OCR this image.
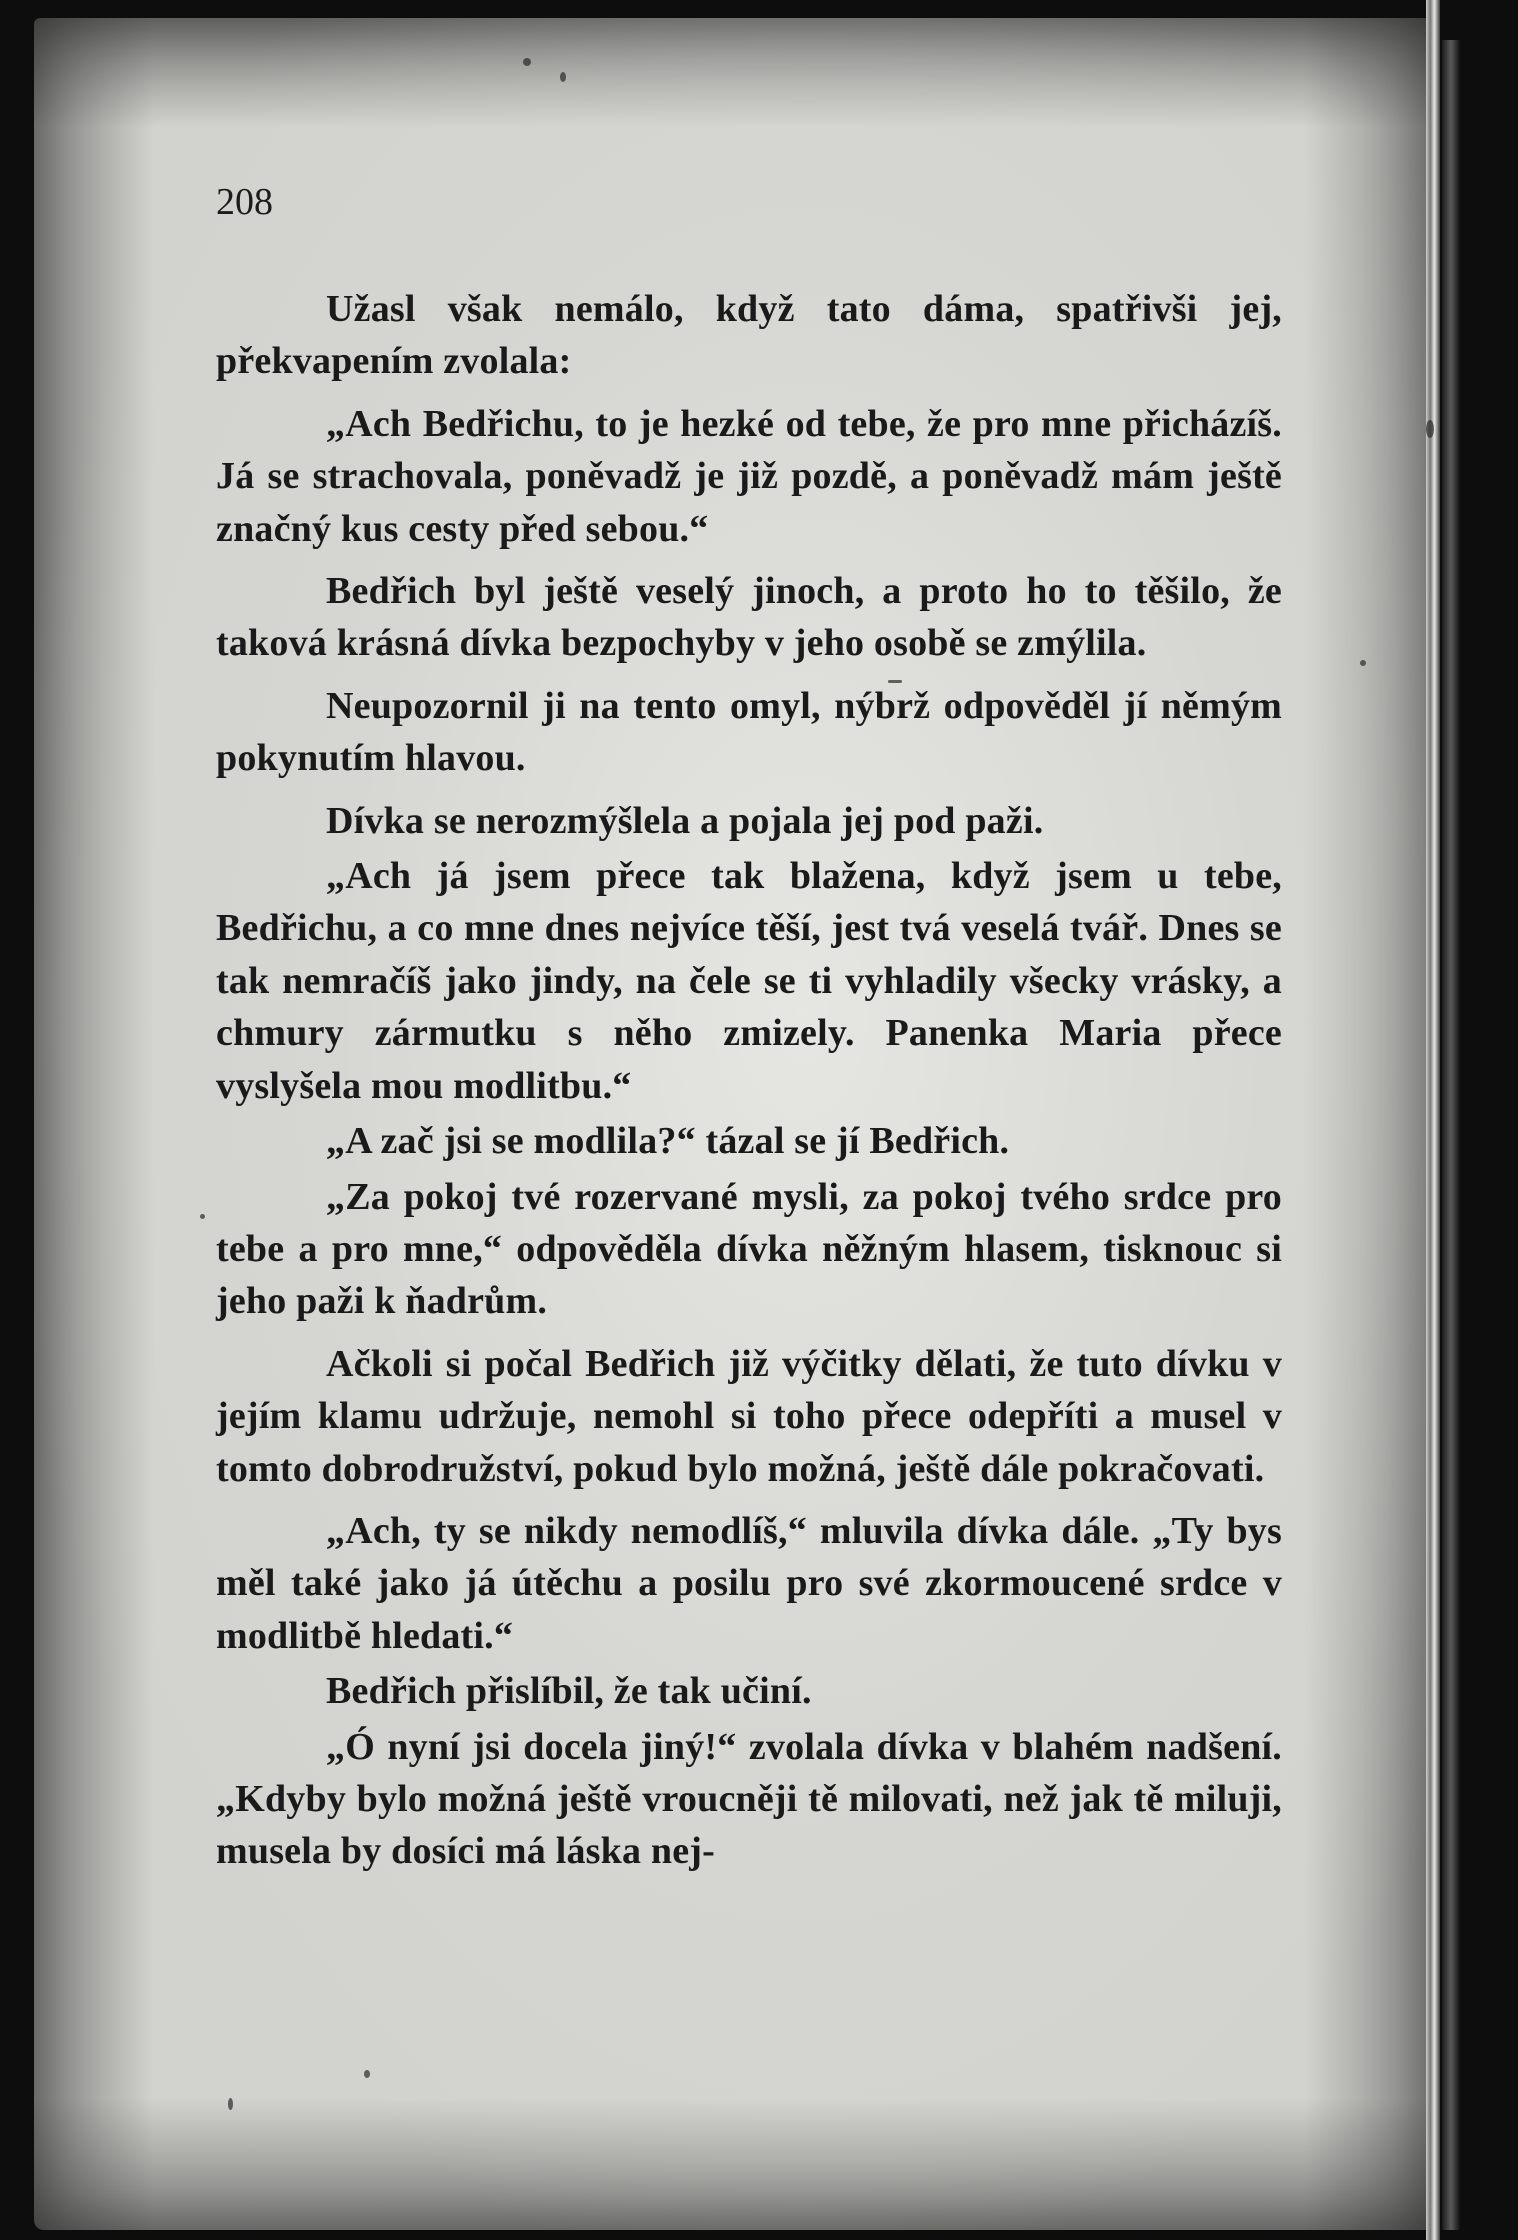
208

Užasl však nemálo, když tato dáma, spatřivši jej, překvapením zvolala:

„Ach Bedřichu, to je hezké od tebe, že pro mne přicházíš. Já se strachovala, poněvadž je již pozdě, a poněvadž mám ještě značný kus cesty před sebou.“

Bedřich byl ještě veselý jinoch, a proto ho to těšilo, že taková krásná dívka bezpochyby v jeho osobě se zmýlila.

Neupozornil ji na tento omyl, nýbrž odpověděl jí němým pokynutím hlavou.

Dívka se nerozmýšlela a pojala jej pod paži.

„Ach já jsem přece tak blažena, když jsem u tebe, Bedřichu, a co mne dnes nejvíce těší, jest tvá veselá tvář. Dnes se tak nemračíš jako jindy, na čele se ti vyhladily všecky vrásky, a chmury zármutku s něho zmizely. Panenka Maria přece vyslyšela mou modlitbu.“

„A zač jsi se modlila?“ tázal se jí Bedřich.

„Za pokoj tvé rozervané mysli, za pokoj tvého srdce pro tebe a pro mne,“ odpověděla dívka něžným hlasem, tisknouc si jeho paži k ňadrům.

Ačkoli si počal Bedřich již výčitky dělati, že tuto dívku v jejím klamu udržuje, nemohl si toho přece odepříti a musel v tomto dobrodružství, pokud bylo možná, ještě dále pokračovati.

„Ach, ty se nikdy nemodlíš,“ mluvila dívka dále. „Ty bys měl také jako já útěchu a posilu pro své zkormoucené srdce v modlitbě hledati.“

Bedřich přislíbil, že tak učiní.

„Ó nyní jsi docela jiný!“ zvolala dívka v blahém nadšení. „Kdyby bylo možná ještě vroucněji tě milovati, než jak tě miluji, musela by dosíci má láska nej-
